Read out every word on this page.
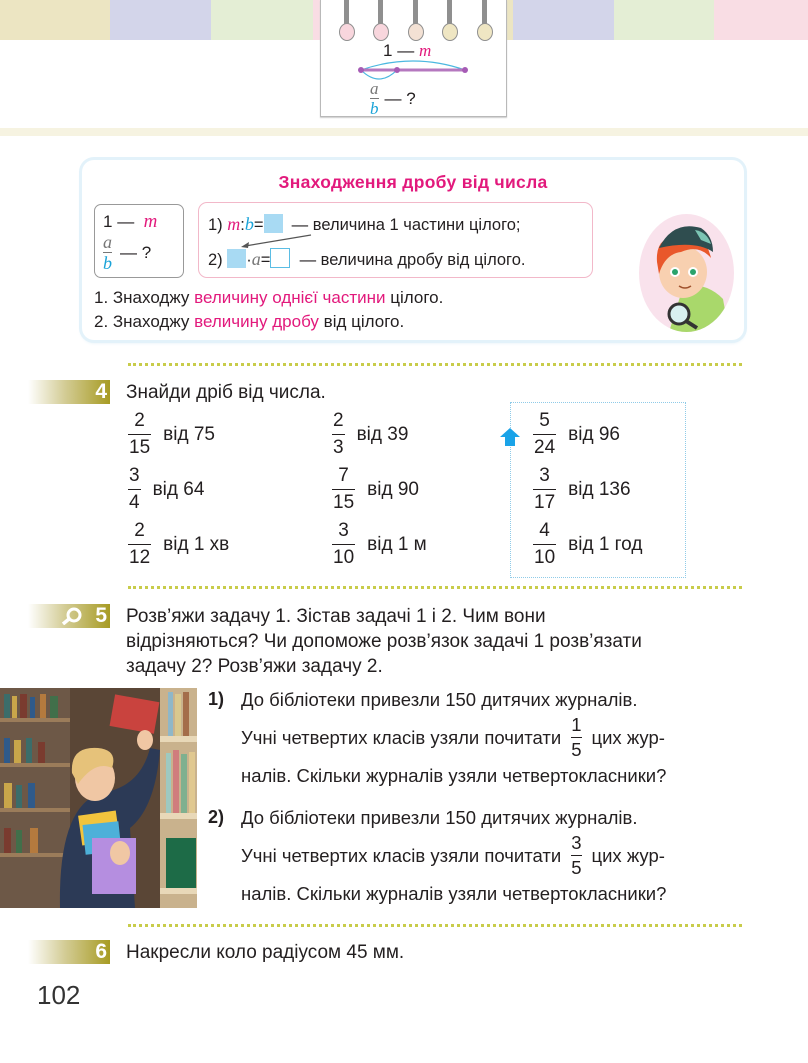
1 — m
a
b
— ?
Знаходження дробу від числа
1 — m
a
b
— ?
1) m:b= — величина 1 частини цілого;
2) ·a= — величина дробу від цілого.
1. Знаходжу величину однієї частини цілого.
2. Знаходжу величину дробу від цілого.
4 Знайди дріб від числа.
2
15
від 75
3
4
від 64
2
12
від 1 хв
2
3
від 39
7
15
від 90
3
10
від 1 м
5
24
від 96
3
17
від 136
4
10
від 1 год
5 Розв’яжи задачу 1. Зістав задачі 1 і 2. Чим вони
відрізняються? Чи допоможе розв’язок задачі 1 розв’язати
задачу 2? Розв’яжи задачу 2.
1) До бібліотеки привезли 150 дитячих журналів.
Учні четвертих класів узяли почитати
1
5
цих жур-
налів. Скільки журналів узяли четвертокласники?
2) До бібліотеки привезли 150 дитячих журналів.
Учні четвертих класів узяли почитати
3
5
цих жур-
налів. Скільки журналів узяли четвертокласники?
6 Накресли коло радіусом 45 мм.
102
